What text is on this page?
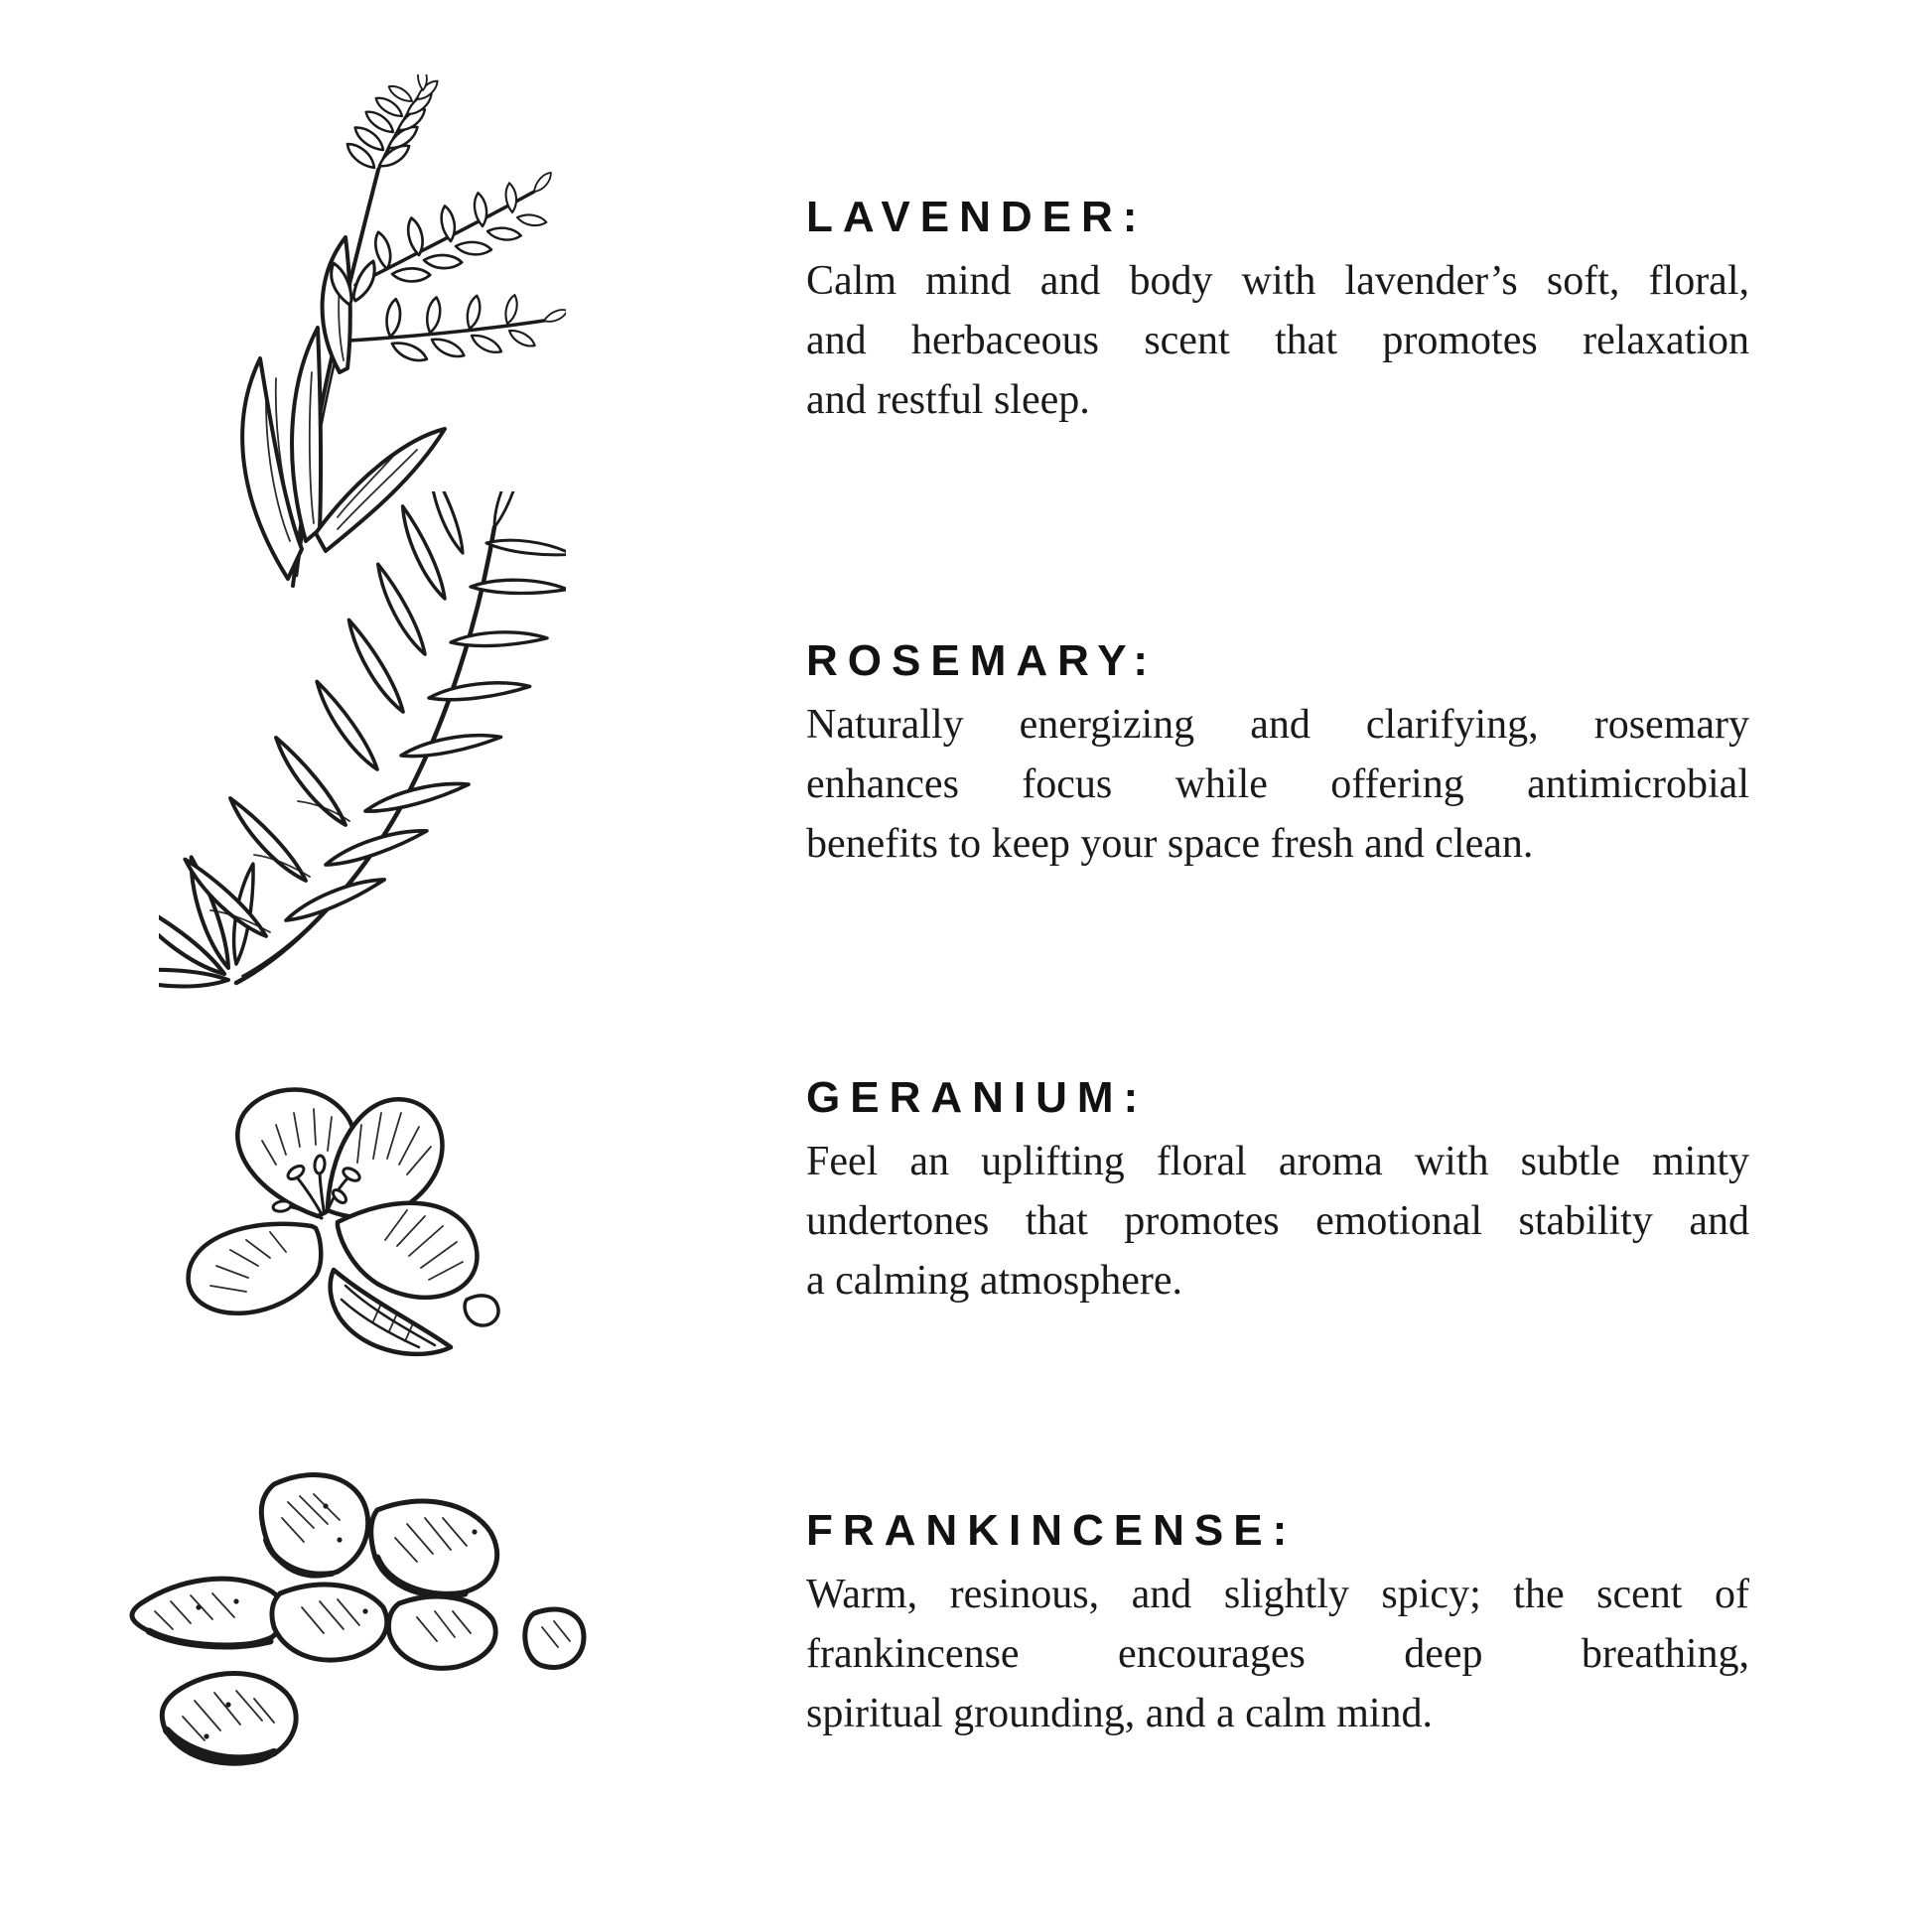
LAVENDER:
Calm mind and body with lavender’s soft, floral,
and herbaceous scent that promotes relaxation
and restful sleep.
ROSEMARY:
Naturally energizing and clarifying, rosemary
enhances focus while offering antimicrobial
benefits to keep your space fresh and clean.
GERANIUM:
Feel an uplifting floral aroma with subtle minty
undertones that promotes emotional stability and
a calming atmosphere.
FRANKINCENSE:
Warm, resinous, and slightly spicy; the scent of
frankincense encourages deep breathing,
spiritual grounding, and a calm mind.
